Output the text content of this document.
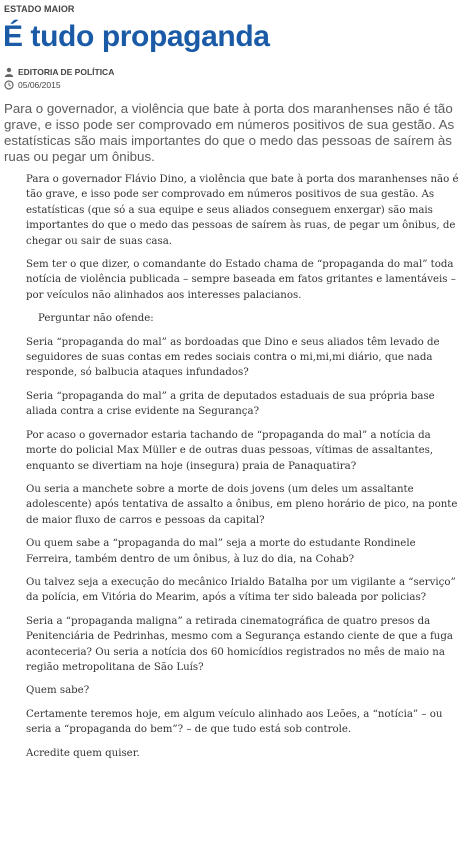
ESTADO MAIOR
É tudo propaganda
EDITORIA DE POLÍTICA
05/06/2015

Para o governador, a violência que bate à porta dos maranhenses não é tão grave, e isso pode ser comprovado em números positivos de sua gestão. As estatísticas são mais importantes do que o medo das pessoas de saírem às ruas ou pegar um ônibus.

Para o governador Flávio Dino, a violência que bate à porta dos maranhenses não é tão grave, e isso pode ser comprovado em números positivos de sua gestão. As estatísticas (que só a sua equipe e seus aliados conseguem enxergar) são mais importantes do que o medo das pessoas de saírem às ruas, de pegar um ônibus, de chegar ou sair de suas casa.

Sem ter o que dizer, o comandante do Estado chama de “propaganda do mal” toda notícia de violência publicada – sempre baseada em fatos gritantes e lamentáveis – por veículos não alinhados aos interesses palacianos.

Perguntar não ofende:

Seria “propaganda do mal” as bordoadas que Dino e seus aliados têm levado de seguidores de suas contas em redes sociais contra o mi,mi,mi diário, que nada responde, só balbucia ataques infundados?

Seria “propaganda do mal” a grita de deputados estaduais de sua própria base aliada contra a crise evidente na Segurança?

Por acaso o governador estaria tachando de “propaganda do mal” a notícia da morte do policial Max Müller e de outras duas pessoas, vítimas de assaltantes, enquanto se divertiam na hoje (insegura) praia de Panaquatira?

Ou seria a manchete sobre a morte de dois jovens (um deles um assaltante adolescente) após tentativa de assalto a ônibus, em pleno horário de pico, na ponte de maior fluxo de carros e pessoas da capital?

Ou quem sabe a “propaganda do mal” seja a morte do estudante Rondinele Ferreira, também dentro de um ônibus, à luz do dia, na Cohab?

Ou talvez seja a execução do mecânico Irialdo Batalha por um vigilante a “serviço” da polícia, em Vitória do Mearim, após a vítima ter sido baleada por policias?

Seria a “propaganda maligna” a retirada cinematográfica de quatro presos da Penitenciária de Pedrinhas, mesmo com a Segurança estando ciente de que a fuga aconteceria? Ou seria a notícia dos 60 homicídios registrados no mês de maio na região metropolitana de São Luís?

Quem sabe?

Certamente teremos hoje, em algum veículo alinhado aos Leões, a “notícia” – ou seria a “propaganda do bem”? – de que tudo está sob controle.

Acredite quem quiser.
